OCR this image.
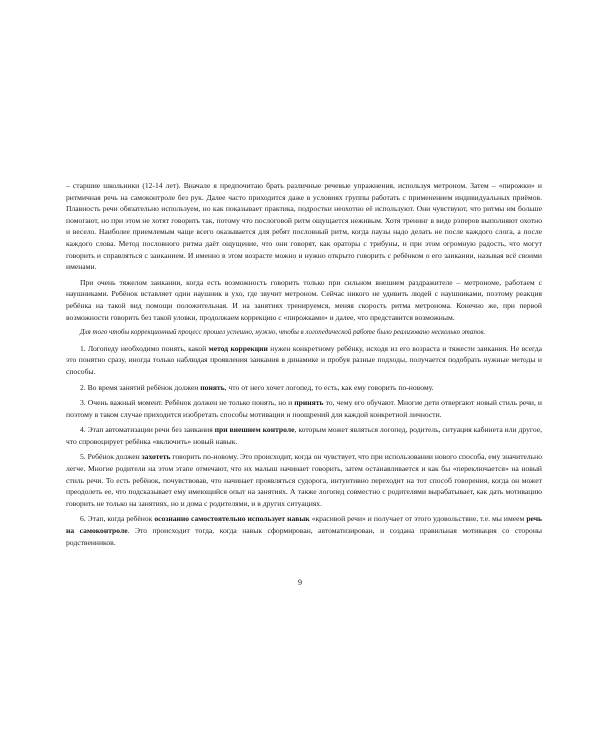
– старшие школьники (12-14 лет). Вначале я предпочитаю брать различные речевые упражнения, используя метроном. Затем – «пирожки» и ритмичная речь на самоконтроле без рук. Далее часто приходится даже в условиях группы работать с применением индивидуальных приёмов. Плавность речи обязательно используем, но как показывает практика, подростки неохотно её используют. Они чувствуют, что ритмы им больше помогают, но при этом не хотят говорить так, потому что послоговой ритм ощущается неживым. Хотя тренинг в виде рэперов выполняют охотно и весело. Наиболее приемлемым чаще всего оказывается для ребят пословный ритм, когда паузы надо делать не после каждого слога, а после каждого слова. Метод пословного ритма даёт ощущение, что они говорят, как ораторы с трибуны, и при этом огромную радость, что могут говорить и справляться с заиканием. И именно в этом возрасте можно и нужно открыто говорить с ребёнком о его заикании, называя всё своими именами.

При очень тяжелом заикании, когда есть возможность говорить только при сильном внешнем раздражителе – метрономе, работаем с наушниками. Ребёнок вставляет один наушник в ухо, где звучит метроном. Сейчас никого не удивить людей с наушниками, поэтому реакция ребёнка на такой вид помощи положительная. И на занятиях тренируемся, меняя скорость ритма метронома. Конечно же, при первой возможности говорить без такой уловки, продолжаем коррекцию с «пирожками» и далее, что представится возможным.

Для того чтобы коррекционный процесс прошел успешно, нужно, чтобы в логопедической работе было реализовано несколько этапов.

1. Логопеду необходимо понять, какой метод коррекции нужен конкретному ребёнку, исходя из его возраста и тяжести заикания. Не всегда это понятно сразу, иногда только наблюдая проявления заикания в динамике и пробуя разные подходы, получается подобрать нужные методы и способы.

2. Во время занятий ребёнок должен понять, что от него хочет логопед, то есть, как ему говорить по-новому.

3. Очень важный момент. Ребёнок должен не только понять, но и принять то, чему его обучают. Многие дети отвергают новый стиль речи, и поэтому в таком случае приходится изобретать способы мотивации и поощрений для каждой конкретной личности.

4. Этап автоматизации речи без заикания при внешнем контроле, которым может являться логопед, родитель, ситуация кабинета или другое, что спровоцирует ребёнка «включить» новый навык.

5. Ребёнок должен захотеть говорить по-новому. Это происходит, когда он чувствует, что при использовании нового способа, ему значительно легче. Многие родители на этом этапе отмечают, что их малыш начинает говорить, затем останавливается и как бы «переключается» на новый стиль речи. То есть ребёнок, почувствовав, что начинает проявляться судорога, интуитивно переходит на тот способ говорения, когда он может преодолеть ее, что подсказывает ему имеющийся опыт на занятиях. А также логопед совместно с родителями вырабатывает, как дать мотивацию говорить не только на занятиях, но и дома с родителями, и в других ситуациях.

6. Этап, когда ребёнок осознанно самостоятельно использует навык «красивой речи» и получает от этого удовольствие, т.е. мы имеем речь на самоконтроле. Это происходит тогда, когда навык сформирован, автоматизирован, и создана правильная мотивация со стороны родственников.

9
